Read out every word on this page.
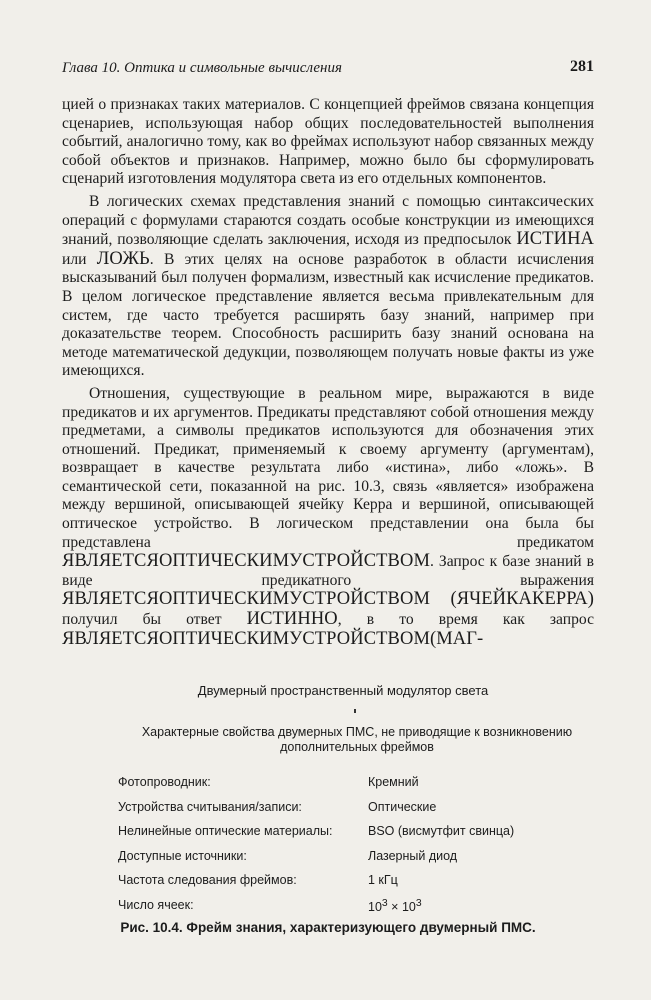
Глава 10. Оптика и символьные вычисления	281

цией о признаках таких материалов. С концепцией фреймов связана концепция сценариев, использующая набор общих последовательностей выполнения событий, аналогично тому, как во фреймах используют набор связанных между собой объектов и признаков. Например, можно было бы сформулировать сценарий изготовления модулятора света из его отдельных компонентов.

В логических схемах представления знаний с помощью синтаксических операций с формулами стараются создать особые конструкции из имеющихся знаний, позволяющие сделать заключения, исходя из предпосылок ИСТИНА или ЛОЖЬ. В этих целях на основе разработок в области исчисления высказываний был получен формализм, известный как исчисление предикатов. В целом логическое представление является весьма привлекательным для систем, где часто требуется расширять базу знаний, например при доказательстве теорем. Способность расширить базу знаний основана на методе математической дедукции, позволяющем получать новые факты из уже имеющихся.

Отношения, существующие в реальном мире, выражаются в виде предикатов и их аргументов. Предикаты представляют собой отношения между предметами, а символы предикатов используются для обозначения этих отношений. Предикат, применяемый к своему аргументу (аргументам), возвращает в качестве результата либо «истина», либо «ложь». В семантической сети, показанной на рис. 10.3, связь «является» изображена между вершиной, описывающей ячейку Керра и вершиной, описывающей оптическое устройство. В логическом представлении она была бы представлена предикатом ЯВЛЯЕТСЯОПТИЧЕСКИМУСТРОЙСТВОМ. Запрос к базе знаний в виде предикатного выражения ЯВЛЯЕТСЯОПТИЧЕСКИМУСТРОЙСТВОМ (ЯЧЕЙКАКЕРРА) получил бы ответ ИСТИННО, в то время как запрос ЯВЛЯЕТСЯОПТИЧЕСКИМУСТРОЙСТВОМ(МАГ-

Двумерный пространственный модулятор света
Характерные свойства двумерных ПМС, не приводящие к возникновению дополнительных фреймов
Фотопроводник:	Кремний
Устройства считывания/записи:	Оптические
Нелинейные оптические материалы:	BSO (висмутфит свинца)
Доступные источники:	Лазерный диод
Частота следования фреймов:	1 кГц
Число ячеек:	$10^3 \times 10^3$
Рис. 10.4. Фрейм знания, характеризующего двумерный ПМС.
